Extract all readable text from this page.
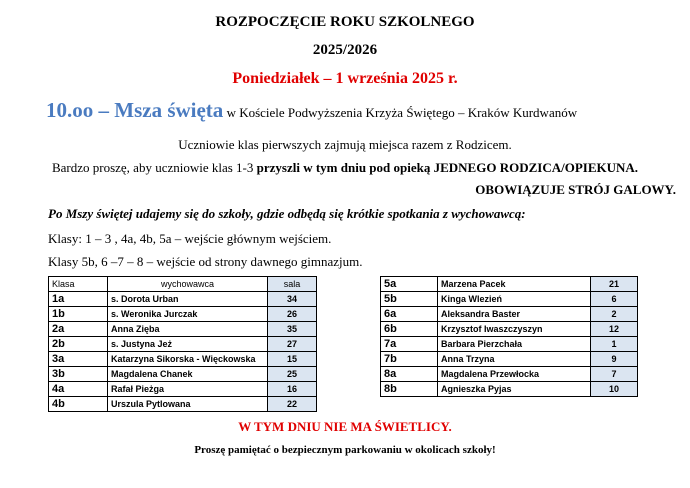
ROZPOCZĘCIE ROKU SZKOLNEGO
2025/2026
Poniedziałek – 1 września 2025 r.
10.oo – Msza święta w Kościele Podwyższenia Krzyża Świętego – Kraków Kurdwanów
Uczniowie klas pierwszych zajmują miejsca razem z Rodzicem.
Bardzo proszę, aby uczniowie klas 1-3 przyszli w tym dniu pod opieką JEDNEGO RODZICA/OPIEKUNA.
OBOWIĄZUJE STRÓJ GALOWY.
Po Mszy świętej udajemy się do szkoły, gdzie odbędą się krótkie spotkania z wychowawcą:
Klasy: 1 – 3 , 4a, 4b, 5a – wejście głównym wejściem.
Klasy 5b, 6 –7 – 8 – wejście od strony dawnego gimnazjum.
Klasa	wychowawca	sala
1a	s. Dorota Urban	34
1b	s. Weronika Jurczak	26
2a	Anna Zięba	35
2b	s. Justyna Jeż	27
3a	Katarzyna Sikorska - Więckowska	15
3b	Magdalena Chanek	25
4a	Rafał Pieżga	16
4b	Urszula Pytlowana	22
5a	Marzena Pacek	21
5b	Kinga Wlezień	6
6a	Aleksandra Baster	2
6b	Krzysztof Iwaszczyszyn	12
7a	Barbara Pierzchała	1
7b	Anna Trzyna	9
8a	Magdalena Przewłocka	7
8b	Agnieszka Pyjas	10
W TYM DNIU NIE MA ŚWIETLICY.
Proszę pamiętać o bezpiecznym parkowaniu w okolicach szkoły!
